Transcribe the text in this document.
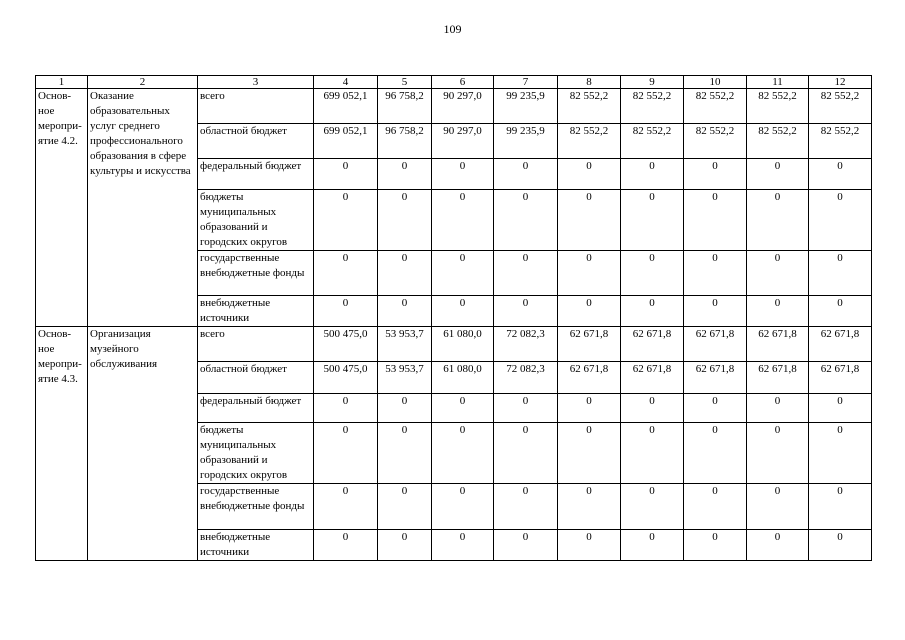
109
1	2	3	4	5	6	7	8	9	10	11	12
Основ-ное меропри-ятие 4.2.	Оказание образовательных услуг среднего профессионального образования в сфере культуры и искусства	всего	699 052,1	96 758,2	90 297,0	99 235,9	82 552,2	82 552,2	82 552,2	82 552,2	82 552,2
		областной бюджет	699 052,1	96 758,2	90 297,0	99 235,9	82 552,2	82 552,2	82 552,2	82 552,2	82 552,2
		федеральный бюджет	0	0	0	0	0	0	0	0	0
		бюджеты муниципальных образований и городских округов	0	0	0	0	0	0	0	0	0
		государственные внебюджетные фонды	0	0	0	0	0	0	0	0	0
		внебюджетные источники	0	0	0	0	0	0	0	0	0
Основ-ное меропри-ятие 4.3.	Организация музейного обслуживания	всего	500 475,0	53 953,7	61 080,0	72 082,3	62 671,8	62 671,8	62 671,8	62 671,8	62 671,8
		областной бюджет	500 475,0	53 953,7	61 080,0	72 082,3	62 671,8	62 671,8	62 671,8	62 671,8	62 671,8
		федеральный бюджет	0	0	0	0	0	0	0	0	0
		бюджеты муниципальных образований и городских округов	0	0	0	0	0	0	0	0	0
		государственные внебюджетные фонды	0	0	0	0	0	0	0	0	0
		внебюджетные источники	0	0	0	0	0	0	0	0	0
